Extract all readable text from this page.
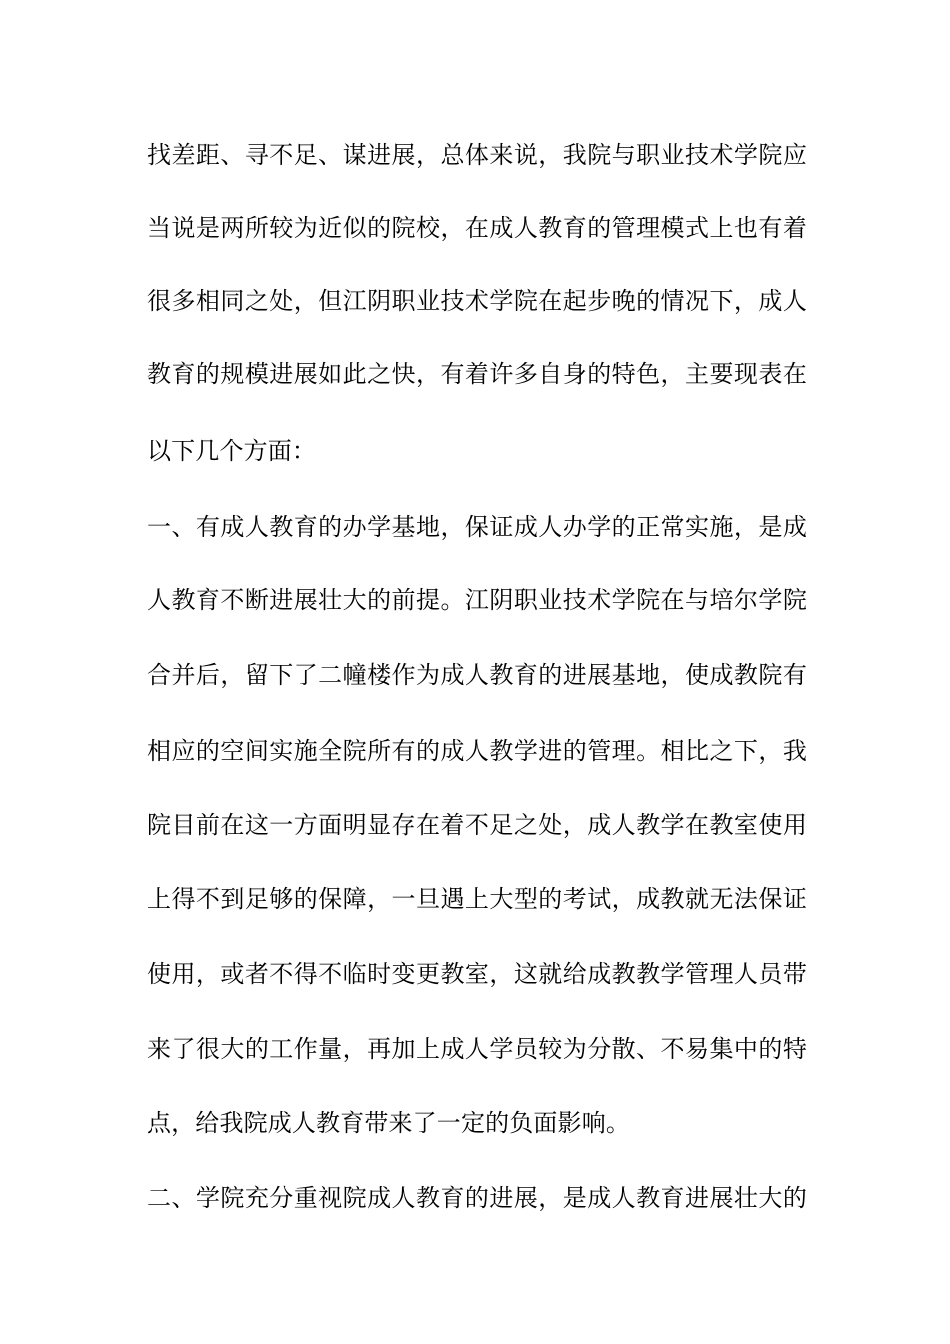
找差距、寻不足、谋进展，总体来说，我院与职业技术学院应
当说是两所较为近似的院校，在成人教育的管理模式上也有着
很多相同之处，但江阴职业技术学院在起步晚的情况下，成人
教育的规模进展如此之快，有着许多自身的特色，主要现表在
以下几个方面：
一、有成人教育的办学基地，保证成人办学的正常实施，是成
人教育不断进展壮大的前提。江阴职业技术学院在与培尔学院
合并后，留下了二幢楼作为成人教育的进展基地，使成教院有
相应的空间实施全院所有的成人教学进的管理。相比之下，我
院目前在这一方面明显存在着不足之处，成人教学在教室使用
上得不到足够的保障，一旦遇上大型的考试，成教就无法保证
使用，或者不得不临时变更教室，这就给成教教学管理人员带
来了很大的工作量，再加上成人学员较为分散、不易集中的特
点，给我院成人教育带来了一定的负面影响。
二、学院充分重视院成人教育的进展，是成人教育进展壮大的
